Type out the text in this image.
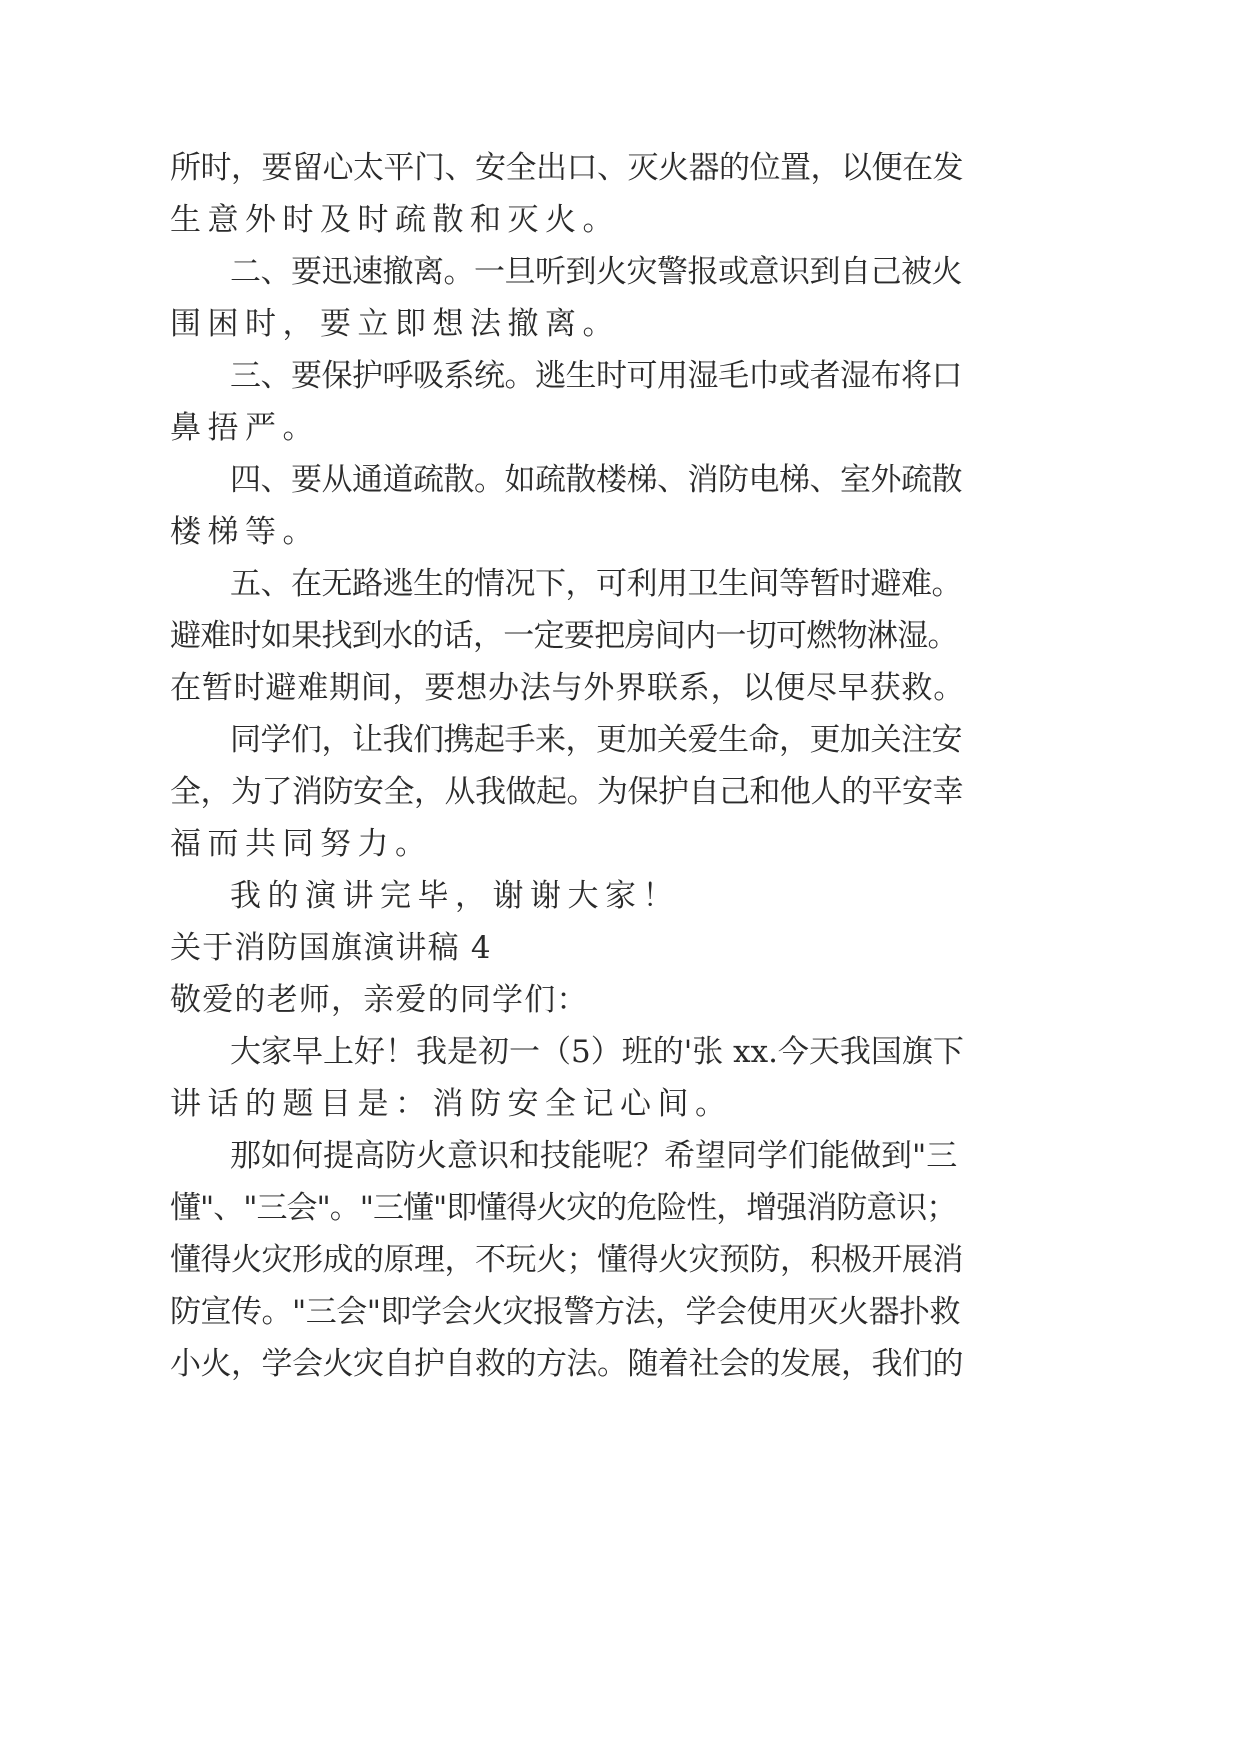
所时，要留心太平门、安全出口、灭火器的位置，以便在发
生意外时及时疏散和灭火。
二、要迅速撤离。一旦听到火灾警报或意识到自己被火
围困时，要立即想法撤离。
三、要保护呼吸系统。逃生时可用湿毛巾或者湿布将口
鼻捂严。
四、要从通道疏散。如疏散楼梯、消防电梯、室外疏散
楼梯等。
五、在无路逃生的情况下，可利用卫生间等暂时避难。
避难时如果找到水的话，一定要把房间内一切可燃物淋湿。
在暂时避难期间，要想办法与外界联系，以便尽早获救。
同学们，让我们携起手来，更加关爱生命，更加关注安
全，为了消防安全，从我做起。为保护自己和他人的平安幸
福而共同努力。
我的演讲完毕，谢谢大家！
关于消防国旗演讲稿 4
敬爱的老师，亲爱的同学们：
大家早上好！我是初一（5）班的'张 xx.今天我国旗下
讲话的题目是：消防安全记心间。
那如何提高防火意识和技能呢？希望同学们能做到"三
懂"、"三会"。"三懂"即懂得火灾的危险性，增强消防意识；
懂得火灾形成的原理，不玩火；懂得火灾预防，积极开展消
防宣传。"三会"即学会火灾报警方法，学会使用灭火器扑救
小火，学会火灾自护自救的方法。随着社会的发展，我们的
